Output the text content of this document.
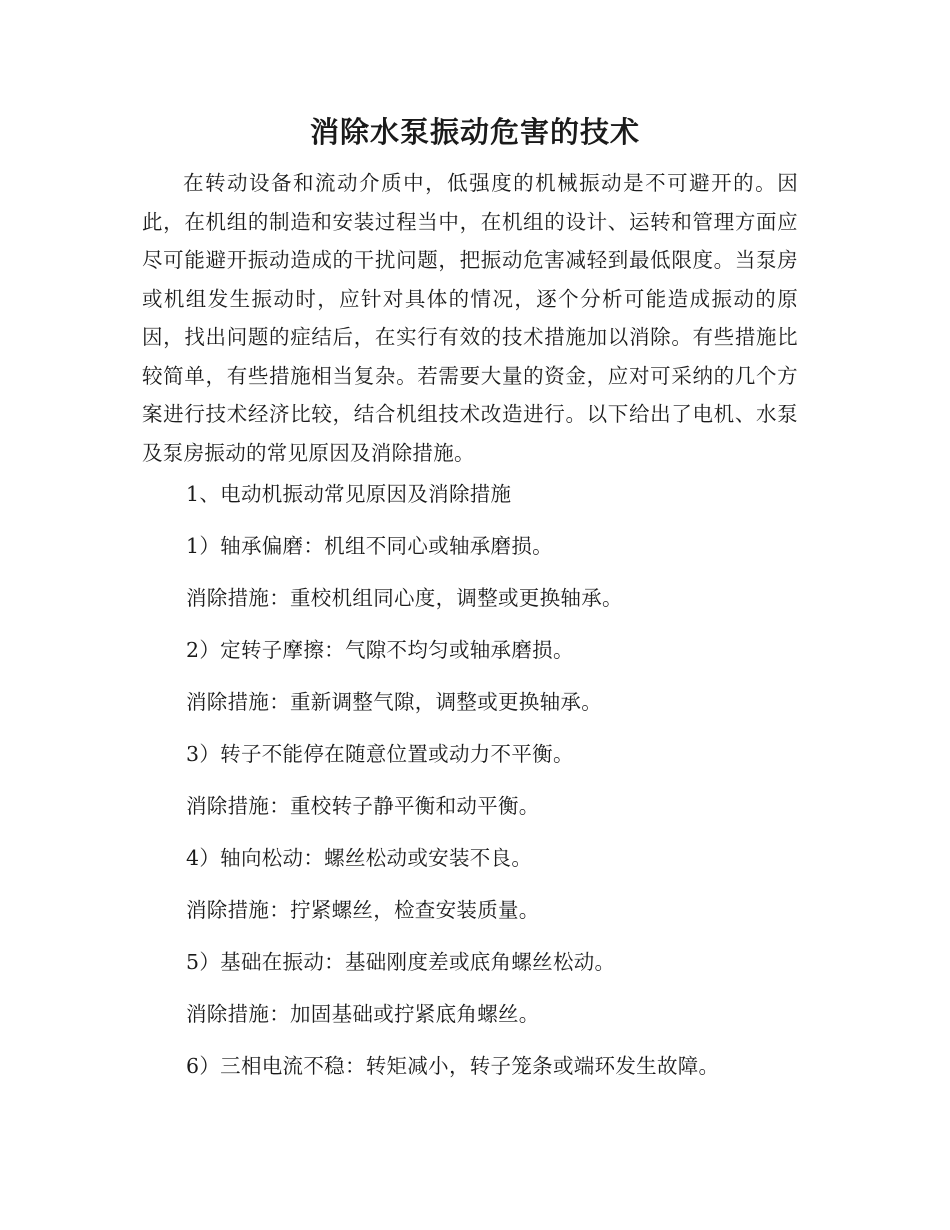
消除水泵振动危害的技术

在转动设备和流动介质中，低强度的机械振动是不可避开的。因此，在机组的制造和安装过程当中，在机组的设计、运转和管理方面应尽可能避开振动造成的干扰问题，把振动危害减轻到最低限度。当泵房或机组发生振动时，应针对具体的情况，逐个分析可能造成振动的原因，找出问题的症结后，在实行有效的技术措施加以消除。有些措施比较简单，有些措施相当复杂。若需要大量的资金，应对可采纳的几个方案进行技术经济比较，结合机组技术改造进行。以下给出了电机、水泵及泵房振动的常见原因及消除措施。

1、电动机振动常见原因及消除措施
1）轴承偏磨：机组不同心或轴承磨损。
消除措施：重校机组同心度，调整或更换轴承。
2）定转子摩擦：气隙不均匀或轴承磨损。
消除措施：重新调整气隙，调整或更换轴承。
3）转子不能停在随意位置或动力不平衡。
消除措施：重校转子静平衡和动平衡。
4）轴向松动：螺丝松动或安装不良。
消除措施：拧紧螺丝，检查安装质量。
5）基础在振动：基础刚度差或底角螺丝松动。
消除措施：加固基础或拧紧底角螺丝。
6）三相电流不稳：转矩减小，转子笼条或端环发生故障。
